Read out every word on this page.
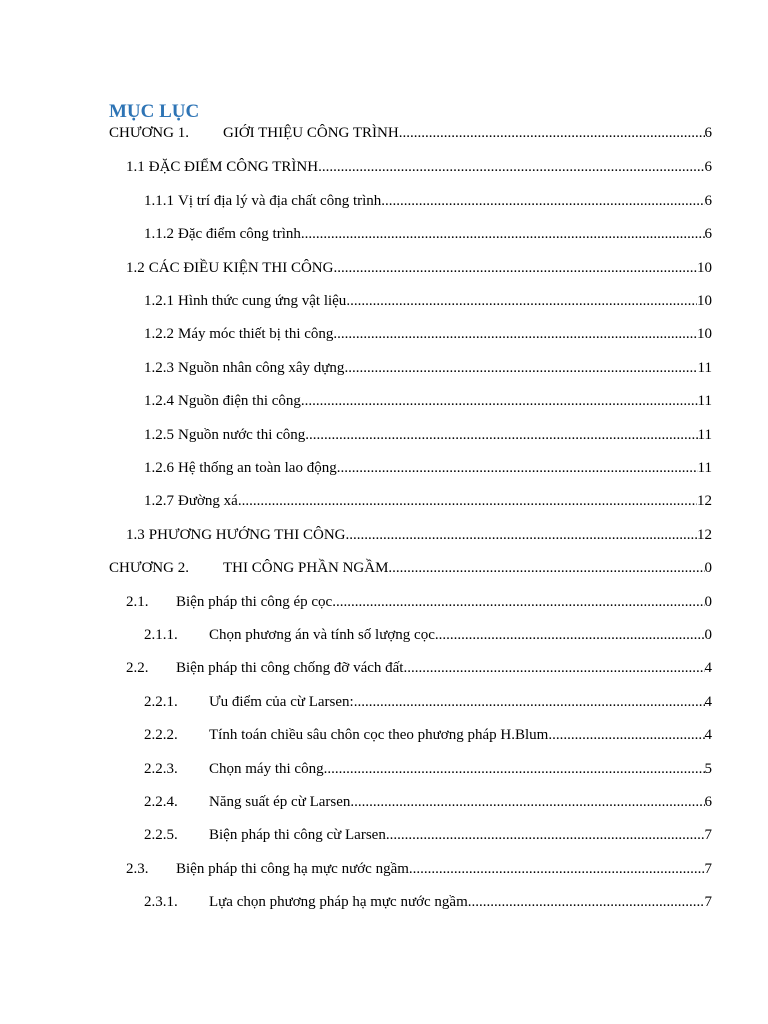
MỤC LỤC
CHƯƠNG 1.	GIỚI THIỆU CÔNG TRÌNH .....	6
1.1 ĐẶC ĐIỂM CÔNG TRÌNH .....	6
1.1.1 Vị trí địa lý và địa chất công trình .....	6
1.1.2 Đặc điểm công trình .....	6
1.2 CÁC ĐIỀU KIỆN THI CÔNG .....	10
1.2.1 Hình thức cung ứng vật liệu .....	10
1.2.2 Máy móc thiết bị thi công .....	10
1.2.3 Nguồn nhân công xây dựng .....	11
1.2.4 Nguồn điện thi công .....	11
1.2.5 Nguồn nước thi công .....	11
1.2.6 Hệ thống an toàn lao động .....	11
1.2.7 Đường xá .....	12
1.3 PHƯƠNG HƯỚNG THI CÔNG .....	12
CHƯƠNG 2.	THI CÔNG PHẦN NGẦM .....	0
2.1.	Biện pháp thi công ép cọc .....	0
2.1.1.	Chọn phương án và tính số lượng cọc .....	0
2.2.	Biện pháp thi công chống đỡ vách đất .....	4
2.2.1.	Ưu điểm của cừ Larsen: .....	4
2.2.2.	Tính toán chiều sâu chôn cọc theo phương pháp H.Blum .....	4
2.2.3.	Chọn máy thi công .....	5
2.2.4.	Năng suất ép cừ Larsen .....	6
2.2.5.	Biện pháp thi công cừ Larsen .....	7
2.3.	Biện pháp thi công hạ mực nước ngầm .....	7
2.3.1.	Lựa chọn phương pháp hạ mực nước ngầm .....	7
